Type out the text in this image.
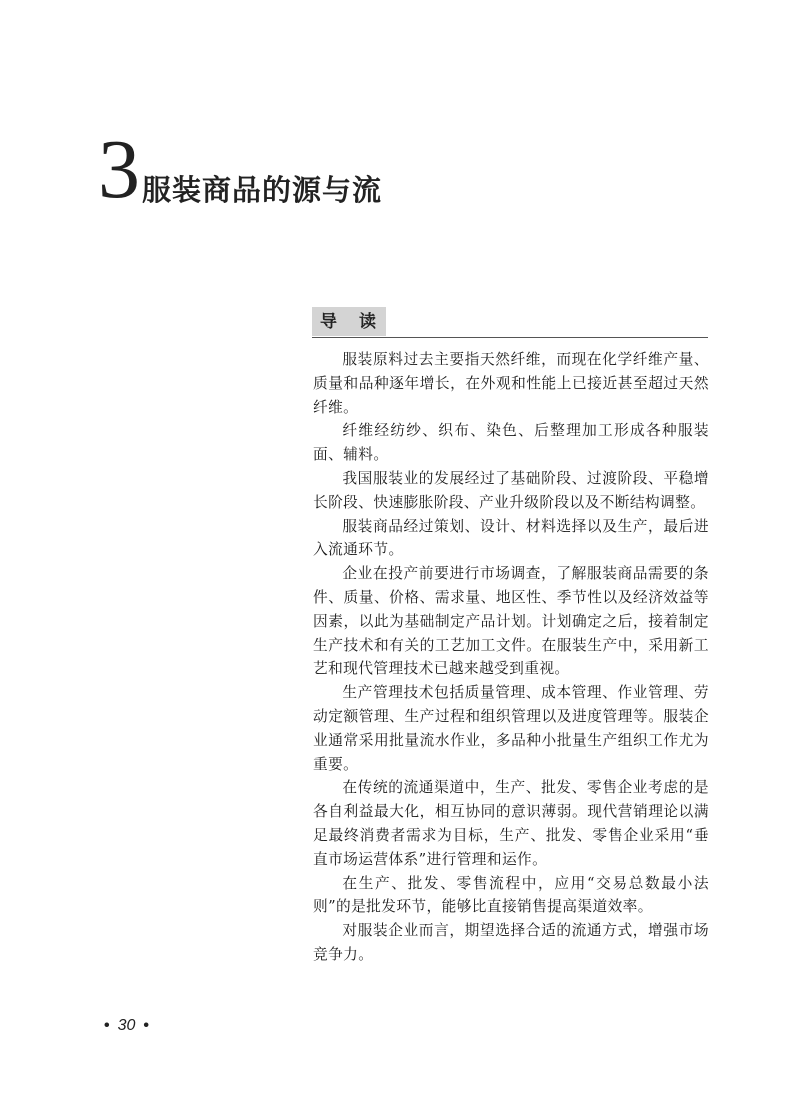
3 服装商品的源与流
导读

服装原料过去主要指天然纤维，而现在化学纤维产量、质量和品种逐年增长，在外观和性能上已接近甚至超过天然纤维。

纤维经纺纱、织布、染色、后整理加工形成各种服装面、辅料。

我国服装业的发展经过了基础阶段、过渡阶段、平稳增长阶段、快速膨胀阶段、产业升级阶段以及不断结构调整。

服装商品经过策划、设计、材料选择以及生产，最后进入流通环节。

企业在投产前要进行市场调查，了解服装商品需要的条件、质量、价格、需求量、地区性、季节性以及经济效益等因素，以此为基础制定产品计划。计划确定之后，接着制定生产技术和有关的工艺加工文件。在服装生产中，采用新工艺和现代管理技术已越来越受到重视。

生产管理技术包括质量管理、成本管理、作业管理、劳动定额管理、生产过程和组织管理以及进度管理等。服装企业通常采用批量流水作业，多品种小批量生产组织工作尤为重要。

在传统的流通渠道中，生产、批发、零售企业考虑的是各自利益最大化，相互协同的意识薄弱。现代营销理论以满足最终消费者需求为目标，生产、批发、零售企业采用“垂直市场运营体系”进行管理和运作。

在生产、批发、零售流程中，应用“交易总数最小法则”的是批发环节，能够比直接销售提高渠道效率。

对服装企业而言，期望选择合适的流通方式，增强市场竞争力。

• 30 •
